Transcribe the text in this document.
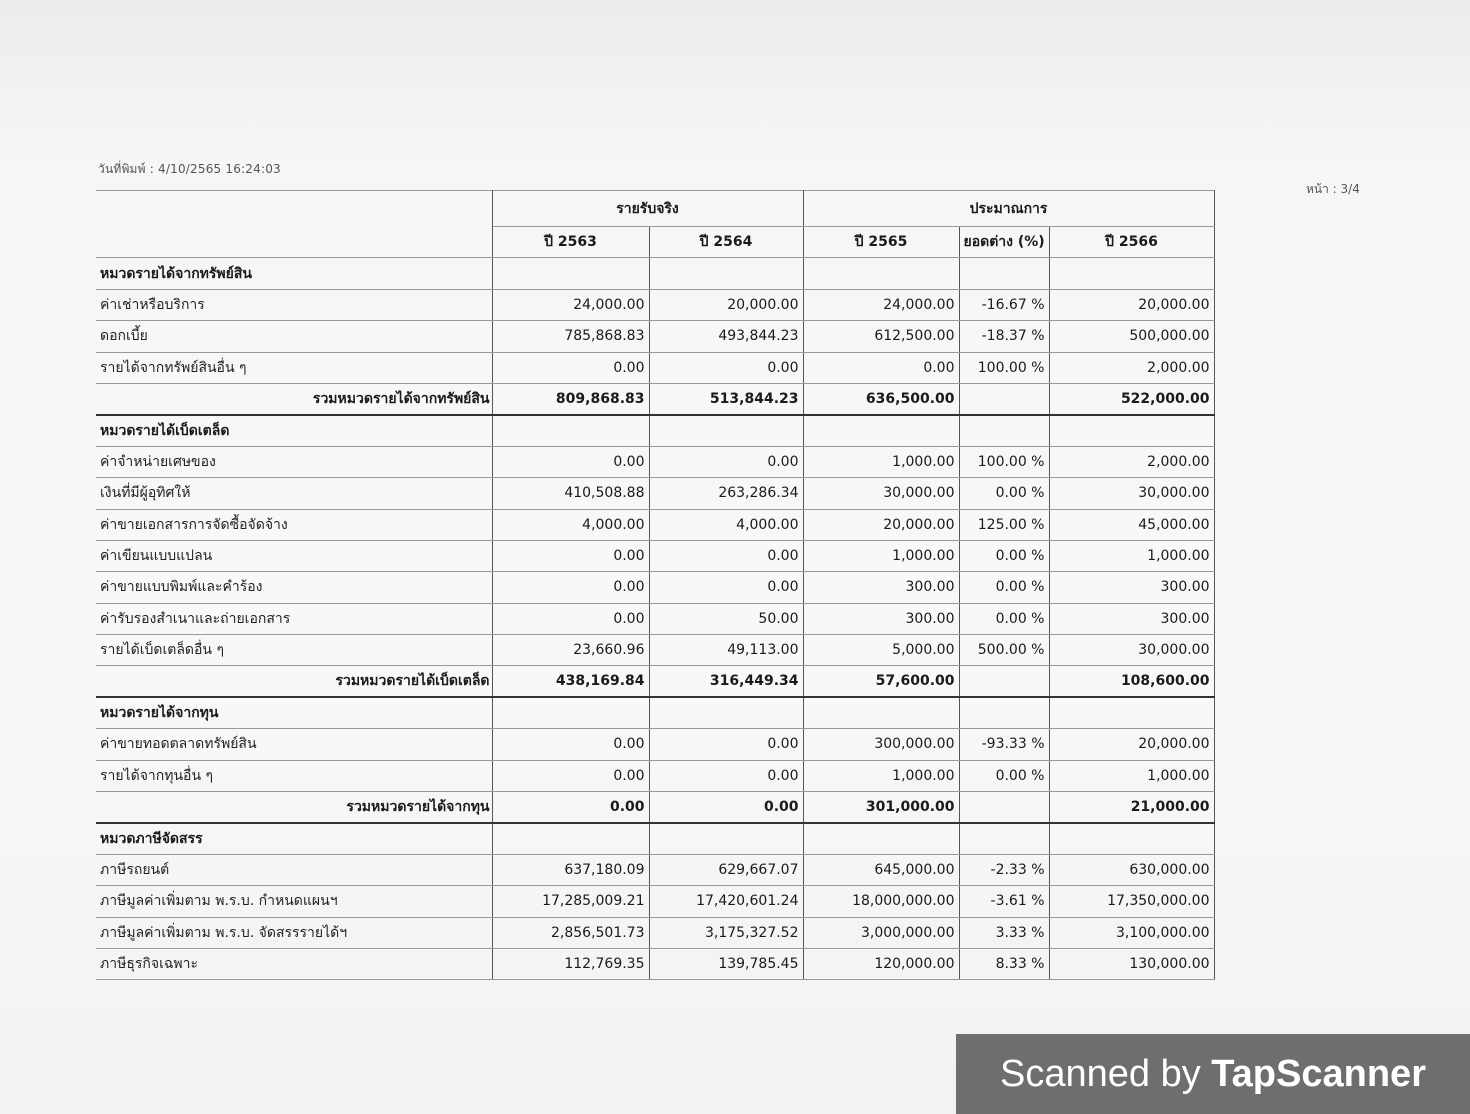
วันที่พิมพ์ : 4/10/2565 16:24:03
หน้า : 3/4
	รายรับจริง		ประมาณการ		
	ปี 2563	ปี 2564	ปี 2565	ยอดต่าง (%)	ปี 2566
หมวดรายได้จากทรัพย์สิน					
ค่าเช่าหรือบริการ	24,000.00	20,000.00	24,000.00	-16.67 %	20,000.00
ดอกเบี้ย	785,868.83	493,844.23	612,500.00	-18.37 %	500,000.00
รายได้จากทรัพย์สินอื่น ๆ	0.00	0.00	0.00	100.00 %	2,000.00
รวมหมวดรายได้จากทรัพย์สิน	809,868.83	513,844.23	636,500.00		522,000.00
หมวดรายได้เบ็ดเตล็ด					
ค่าจำหน่ายเศษของ	0.00	0.00	1,000.00	100.00 %	2,000.00
เงินที่มีผู้อุทิศให้	410,508.88	263,286.34	30,000.00	0.00 %	30,000.00
ค่าขายเอกสารการจัดซื้อจัดจ้าง	4,000.00	4,000.00	20,000.00	125.00 %	45,000.00
ค่าเขียนแบบแปลน	0.00	0.00	1,000.00	0.00 %	1,000.00
ค่าขายแบบพิมพ์และคำร้อง	0.00	0.00	300.00	0.00 %	300.00
ค่ารับรองสำเนาและถ่ายเอกสาร	0.00	50.00	300.00	0.00 %	300.00
รายได้เบ็ดเตล็ดอื่น ๆ	23,660.96	49,113.00	5,000.00	500.00 %	30,000.00
รวมหมวดรายได้เบ็ดเตล็ด	438,169.84	316,449.34	57,600.00		108,600.00
หมวดรายได้จากทุน					
ค่าขายทอดตลาดทรัพย์สิน	0.00	0.00	300,000.00	-93.33 %	20,000.00
รายได้จากทุนอื่น ๆ	0.00	0.00	1,000.00	0.00 %	1,000.00
รวมหมวดรายได้จากทุน	0.00	0.00	301,000.00		21,000.00
หมวดภาษีจัดสรร					
ภาษีรถยนต์	637,180.09	629,667.07	645,000.00	-2.33 %	630,000.00
ภาษีมูลค่าเพิ่มตาม พ.ร.บ. กำหนดแผนฯ	17,285,009.21	17,420,601.24	18,000,000.00	-3.61 %	17,350,000.00
ภาษีมูลค่าเพิ่มตาม พ.ร.บ. จัดสรรรายได้ฯ	2,856,501.73	3,175,327.52	3,000,000.00	3.33 %	3,100,000.00
ภาษีธุรกิจเฉพาะ	112,769.35	139,785.45	120,000.00	8.33 %	130,000.00
Scanned by TapScanner
